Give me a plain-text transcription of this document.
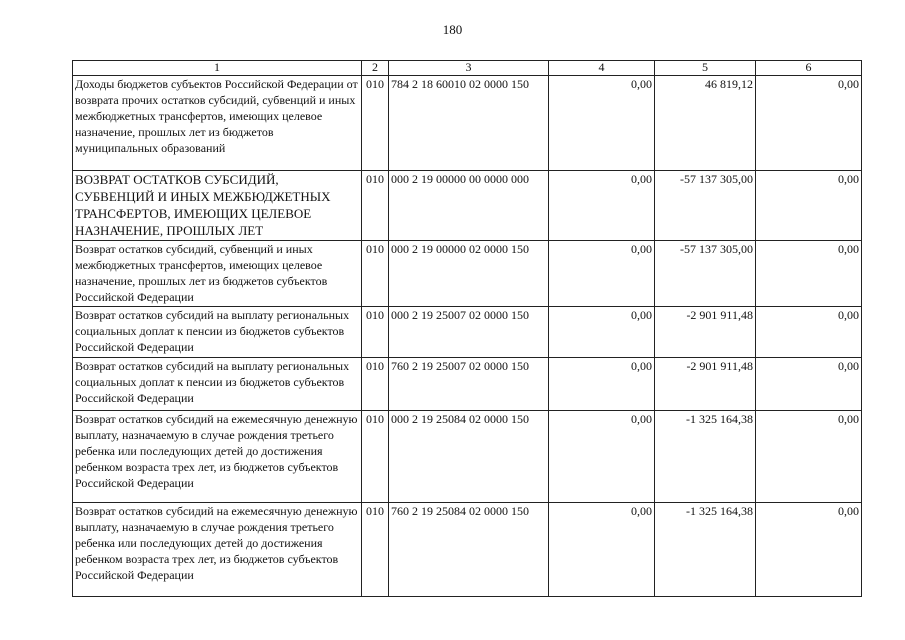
180
1	2	3	4	5	6
Доходы бюджетов субъектов Российской Федерации от возврата прочих остатков субсидий, субвенций и иных межбюджетных трансфертов, имеющих целевое назначение, прошлых лет из бюджетов муниципальных образований	010	784 2 18 60010 02 0000 150	0,00	46 819,12	0,00
ВОЗВРАТ ОСТАТКОВ СУБСИДИЙ, СУБВЕНЦИЙ И ИНЫХ МЕЖБЮДЖЕТНЫХ ТРАНСФЕРТОВ, ИМЕЮЩИХ ЦЕЛЕВОЕ НАЗНАЧЕНИЕ, ПРОШЛЫХ ЛЕТ	010	000 2 19 00000 00 0000 000	0,00	-57 137 305,00	0,00
Возврат остатков субсидий, субвенций и иных межбюджетных трансфертов, имеющих целевое назначение, прошлых лет из бюджетов субъектов Российской Федерации	010	000 2 19 00000 02 0000 150	0,00	-57 137 305,00	0,00
Возврат остатков субсидий на выплату региональных социальных доплат к пенсии из бюджетов субъектов Российской Федерации	010	000 2 19 25007 02 0000 150	0,00	-2 901 911,48	0,00
Возврат остатков субсидий на выплату региональных социальных доплат к пенсии из бюджетов субъектов Российской Федерации	010	760 2 19 25007 02 0000 150	0,00	-2 901 911,48	0,00
Возврат остатков субсидий на ежемесячную денежную выплату, назначаемую в случае рождения третьего ребенка или последующих детей до достижения ребенком возраста трех лет, из бюджетов субъектов Российской Федерации	010	000 2 19 25084 02 0000 150	0,00	-1 325 164,38	0,00
Возврат остатков субсидий на ежемесячную денежную выплату, назначаемую в случае рождения третьего ребенка или последующих детей до достижения ребенком возраста трех лет, из бюджетов субъектов Российской Федерации	010	760 2 19 25084 02 0000 150	0,00	-1 325 164,38	0,00
